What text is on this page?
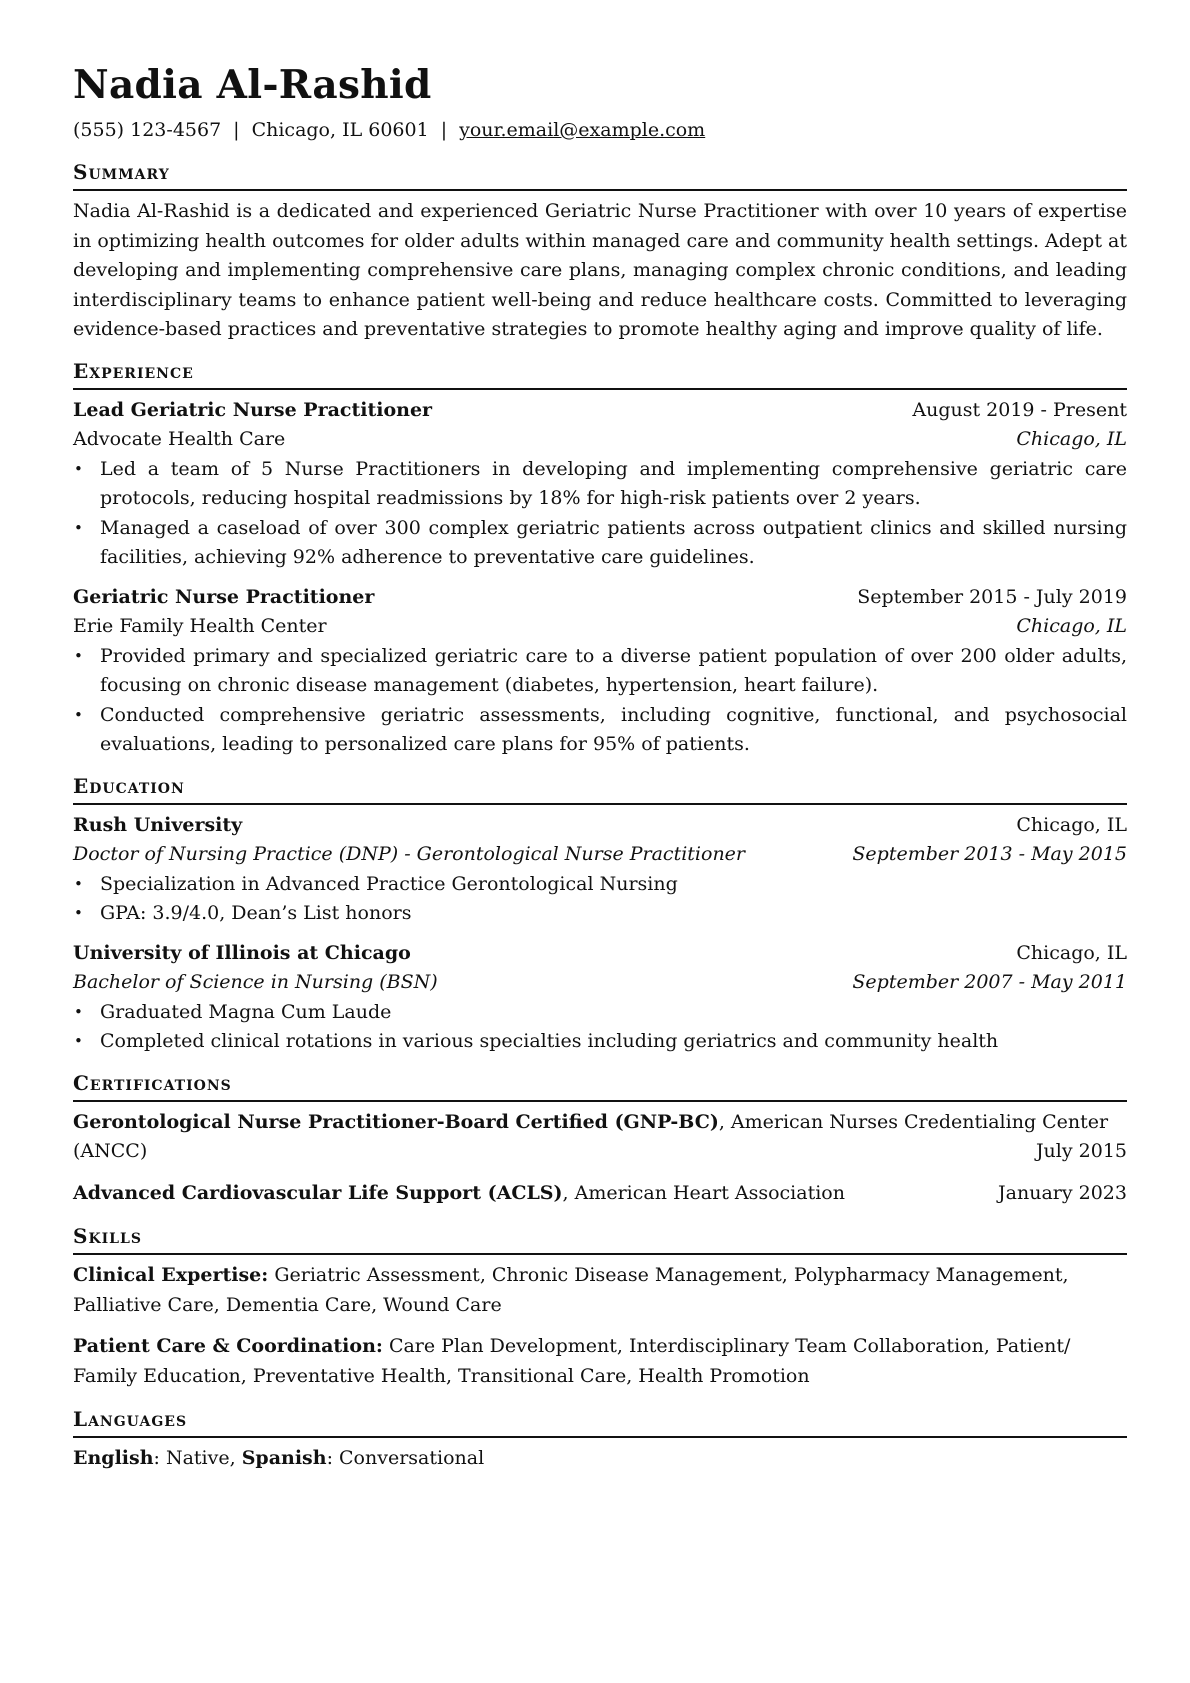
Nadia Al-Rashid
(555) 123-4567 | Chicago, IL 60601 | your.email@example.com
Summary
Nadia Al-Rashid is a dedicated and experienced Geriatric Nurse Practitioner with over 10 years of expertise in optimizing health outcomes for older adults within managed care and community health settings. Adept at developing and implementing comprehensive care plans, managing complex chronic conditions, and leading interdisciplinary teams to enhance patient well-being and reduce healthcare costs. Committed to leveraging evidence-based practices and preventative strategies to promote healthy aging and improve quality of life.
Experience
Lead Geriatric Nurse Practitioner	August 2019 - Present
Advocate Health Care	Chicago, IL
• Led a team of 5 Nurse Practitioners in developing and implementing comprehensive geriatric care protocols, reducing hospital readmissions by 18% for high-risk patients over 2 years.
• Managed a caseload of over 300 complex geriatric patients across outpatient clinics and skilled nursing facilities, achieving 92% adherence to preventative care guidelines.
Geriatric Nurse Practitioner	September 2015 - July 2019
Erie Family Health Center	Chicago, IL
• Provided primary and specialized geriatric care to a diverse patient population of over 200 older adults, focusing on chronic disease management (diabetes, hypertension, heart failure).
• Conducted comprehensive geriatric assessments, including cognitive, functional, and psychosocial evaluations, leading to personalized care plans for 95% of patients.
Education
Rush University	Chicago, IL
Doctor of Nursing Practice (DNP) - Gerontological Nurse Practitioner	September 2013 - May 2015
• Specialization in Advanced Practice Gerontological Nursing
• GPA: 3.9/4.0, Dean’s List honors
University of Illinois at Chicago	Chicago, IL
Bachelor of Science in Nursing (BSN)	September 2007 - May 2011
• Graduated Magna Cum Laude
• Completed clinical rotations in various specialties including geriatrics and community health
Certifications
Gerontological Nurse Practitioner-Board Certified (GNP-BC), American Nurses Credentialing Center (ANCC)	July 2015
Advanced Cardiovascular Life Support (ACLS), American Heart Association	January 2023
Skills
Clinical Expertise: Geriatric Assessment, Chronic Disease Management, Polypharmacy Management, Palliative Care, Dementia Care, Wound Care
Patient Care & Coordination: Care Plan Development, Interdisciplinary Team Collaboration, Patient/ Family Education, Preventative Health, Transitional Care, Health Promotion
Languages
English: Native, Spanish: Conversational
